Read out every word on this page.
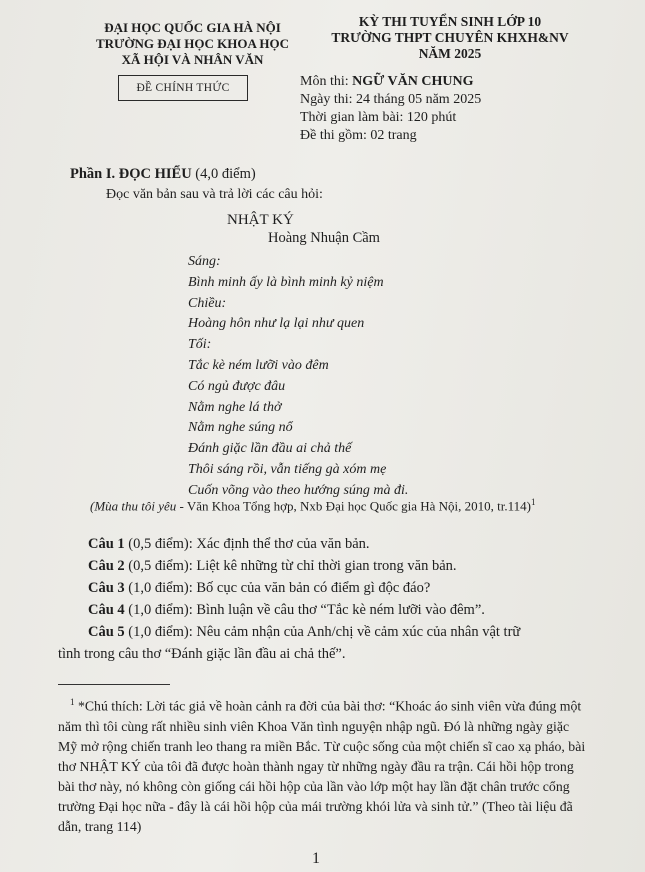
ĐẠI HỌC QUỐC GIA HÀ NỘI
TRƯỜNG ĐẠI HỌC KHOA HỌC
XÃ HỘI VÀ NHÂN VĂN
KỲ THI TUYỂN SINH LỚP 10
TRƯỜNG THPT CHUYÊN KHXH&NV
NĂM 2025
ĐỀ CHÍNH THỨC	Môn thi: NGỮ VĂN CHUNG
Ngày thi: 24 tháng 05 năm 2025
Thời gian làm bài: 120 phút
Đề thi gồm: 02 trang
Phần I. ĐỌC HIỂU (4,0 điểm)
Đọc văn bản sau và trả lời các câu hỏi:
NHẬT KÝ
Hoàng Nhuận Cầm
Sáng:
Bình minh ấy là bình minh kỷ niệm
Chiều:
Hoàng hôn như lạ lại như quen
Tối:
Tắc kè ném lưỡi vào đêm
Có ngủ được đâu
Nằm nghe lá thở
Nằm nghe súng nổ
Đánh giặc lần đầu ai chả thế
Thôi sáng rồi, vẫn tiếng gà xóm mẹ
Cuốn võng vào theo hướng súng mà đi.
(Mùa thu tôi yêu - Văn Khoa Tổng hợp, Nxb Đại học Quốc gia Hà Nội, 2010, tr.114)$^1$

Câu 1 (0,5 điểm): Xác định thể thơ của văn bản.

Câu 2 (0,5 điểm): Liệt kê những từ chỉ thời gian trong văn bản.

Câu 3 (1,0 điểm): Bố cục của văn bản có điểm gì độc đáo?

Câu 4 (1,0 điểm): Bình luận về câu thơ “Tắc kè ném lưỡi vào đêm”.

Câu 5 (1,0 điểm): Nêu cảm nhận của Anh/chị về cảm xúc của nhân vật trữ

tình trong câu thơ “Đánh giặc lần đầu ai chả thế”.

$^1$ *Chú thích: Lời tác giả về hoàn cảnh ra đời của bài thơ: “Khoác áo sinh viên vừa đúng một

năm thì tôi cùng rất nhiều sinh viên Khoa Văn tình nguyện nhập ngũ. Đó là những ngày giặc

Mỹ mở rộng chiến tranh leo thang ra miền Bắc. Từ cuộc sống của một chiến sĩ cao xạ pháo, bài

thơ NHẬT KÝ của tôi đã được hoàn thành ngay từ những ngày đầu ra trận. Cái hồi hộp trong

bài thơ này, nó không còn giống cái hồi hộp của lần vào lớp một hay lần đặt chân trước cổng

trường Đại học nữa - đây là cái hồi hộp của mái trường khói lửa và sinh tử.” (Theo tài liệu đã

dẫn, trang 114)

1
